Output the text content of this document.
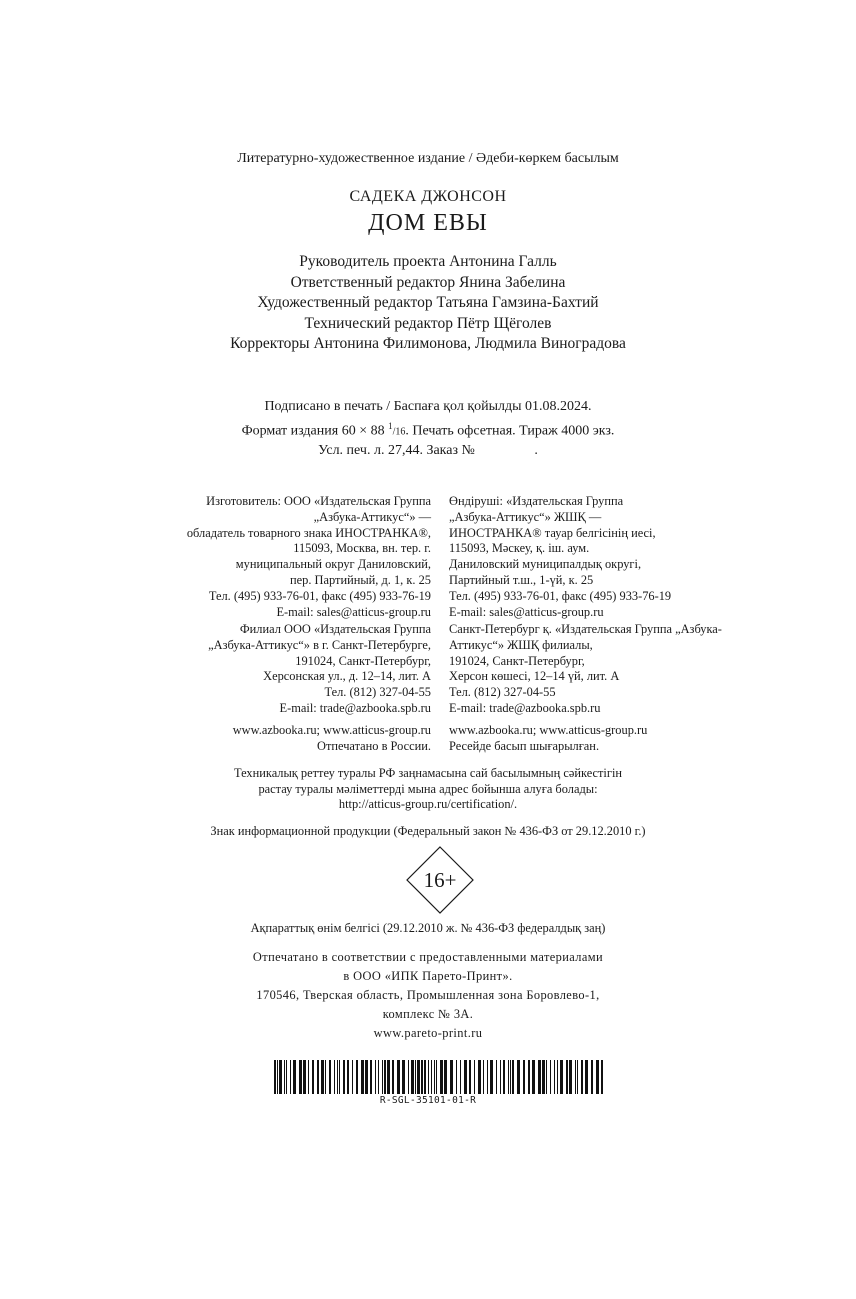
Литературно-художественное издание / Әдеби-көркем басылым
САДЕКА ДЖОНСОН
ДОМ ЕВЫ
Руководитель проекта Антонина Галль
Ответственный редактор Янина Забелина
Художественный редактор Татьяна Гамзина-Бахтий
Технический редактор Пётр Щёголев
Корректоры Антонина Филимонова, Людмила Виноградова
Подписано в печать / Баспаға қол қойылды 01.08.2024.
Формат издания 60 × 88 $^1$/16. Печать офсетная. Тираж 4000 экз.
Усл. печ. л. 27,44. Заказ №                 .
Изготовитель: ООО «Издательская Группа
„Азбука-Аттикус“» —
обладатель товарного знака ИНОСТРАНКА®,
115093, Москва, вн. тер. г.
муниципальный округ Даниловский,
пер. Партийный, д. 1, к. 25
Тел. (495) 933-76-01, факс (495) 933-76-19
E-mail: sales@atticus-group.ru
Өндіруші: «Издательская Группа
„Азбука-Аттикус“» ЖШҚ —
ИНОСТРАНКА® тауар белгісінің иесі,
115093, Мәскеу, қ. іш. аум.
Даниловский муниципалдық округі,
Партийный т.ш., 1-үй, к. 25
Тел. (495) 933-76-01, факс (495) 933-76-19
E-mail: sales@atticus-group.ru
Филиал ООО «Издательская Группа
„Азбука-Аттикус“» в г. Санкт-Петербурге,
191024, Санкт-Петербург,
Херсонская ул., д. 12–14, лит. А
Тел. (812) 327-04-55
E-mail: trade@azbooka.spb.ru
Санкт-Петербург қ. «Издательская Группа „Азбука-
Аттикус“» ЖШҚ филиалы,
191024, Санкт-Петербург,
Херсон көшесі, 12–14 үй, лит. А
Тел. (812) 327-04-55
E-mail: trade@azbooka.spb.ru
www.azbooka.ru; www.atticus-group.ru
Отпечатано в России.
www.azbooka.ru; www.atticus-group.ru
Ресейде басып шығарылған.
Техникалық реттеу туралы РФ заңнамасына сай басылымның сәйкестігін
растау туралы мәліметтерді мына адрес бойынша алуға болады:
http://atticus-group.ru/certification/.
Знак информационной продукции (Федеральный закон № 436-ФЗ от 29.12.2010 г.)
16+
Ақпараттық өнім белгісі (29.12.2010 ж. № 436-ФЗ федералдық заң)
Отпечатано в соответствии с предоставленными материалами
в ООО «ИПК Парето-Принт».
170546, Тверская область, Промышленная зона Боровлево-1,
комплекс № 3А.
www.pareto-print.ru
R-SGL-35101-01-R
